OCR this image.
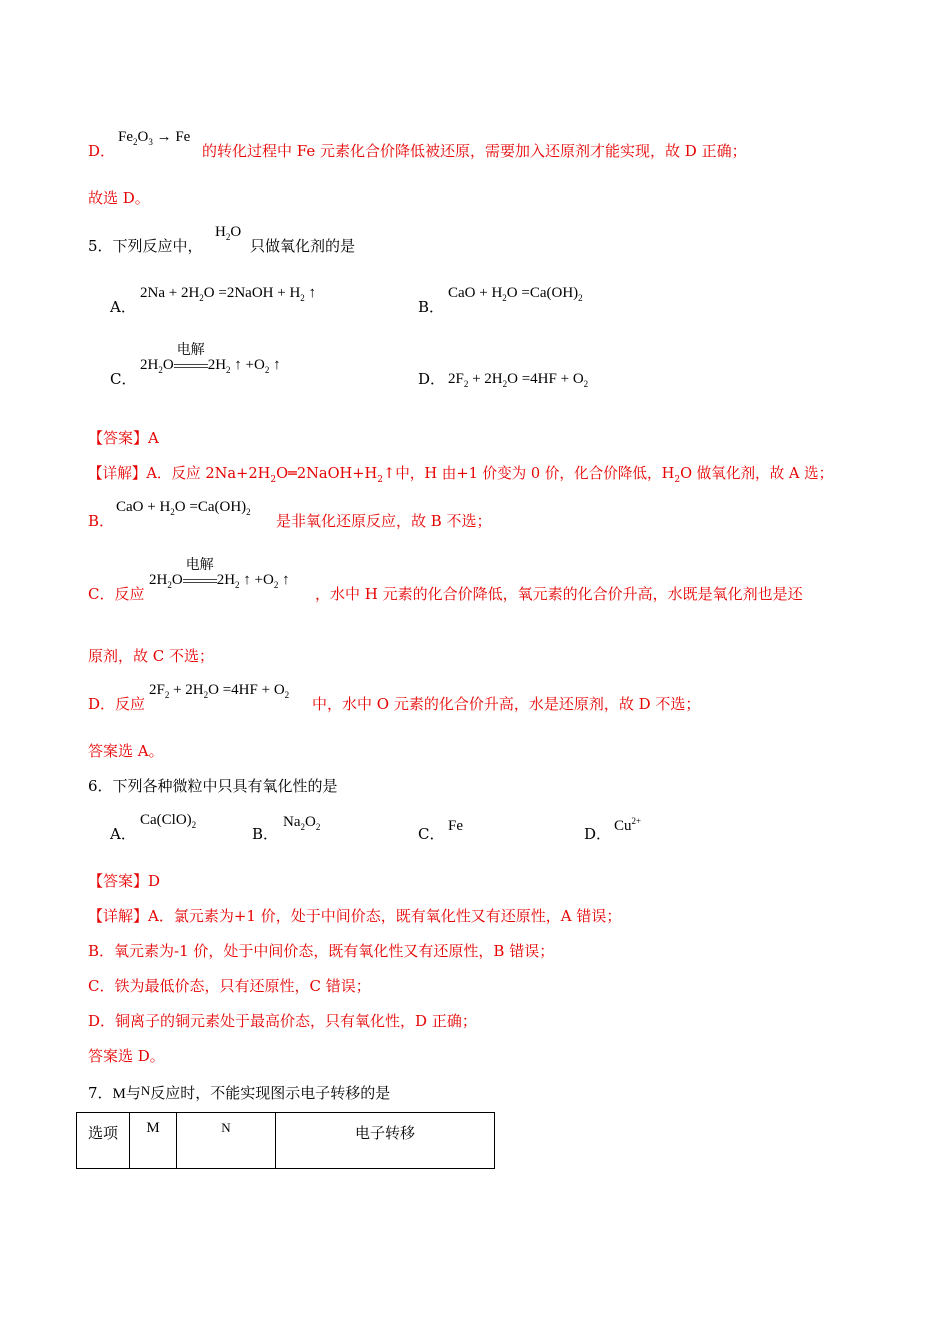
D．
$Fe_2O_3 \to Fe$
的转化过程中 Fe 元素化合价降低被还原，需要加入还原剂才能实现，故 D 正确；
故选 D。
5．下列反应中，
$H_2O$
只做氧化剂的是
A．
$2Na + 2H_2O$ =2NaOH + $H_2$ ↑
B．
CaO + $H_2O =Ca(OH)_2$
C．
$2H_2O$
电解
$2H_2$ ↑ $+O_2$ ↑
D． $2F_2 + 2H_2O =4HF + O_2$
【答案】A
【详解】A．反应 $2Na+2H_2O═2NaOH+H_2↑$中，H 由+1 价变为 0 价，化合价降低，$H_2O$ 做氧化剂，故 A 选；
B．
CaO + $H_2O =Ca(OH)_2$ 是非氧化还原反应，故 B 不选；
C．反应
$2H_2O$
电解
$2H_2$ ↑ $+O_2$ ↑
，水中 H 元素的化合价降低，氧元素的化合价升高，水既是氧化剂也是还
原剂，故 C 不选；
D．反应
$2F_2 + 2H_2O =4HF + O_2$ 中，水中 O 元素的化合价升高，水是还原剂，故 D 不选；
答案选 A。
6．下列各种微粒中只具有氧化性的是
A．
$Ca(ClO)_2$	B．
$Na_2O_2$	C． Fe	D． $Cu^{2+}$
【答案】D
【详解】A．氯元素为+1 价，处于中间价态，既有氧化性又有还原性，A 错误；
B．氧元素为-1 价，处于中间价态，既有氧化性又有还原性，B 错误；
C．铁为最低价态，只有还原性，C 错误；
D．铜离子的铜元素处于最高价态，只有氧化性，D 正确；
答案选 D。
7．M与N反应时，不能实现图示电子转移的是
选项	M	N	电子转移
